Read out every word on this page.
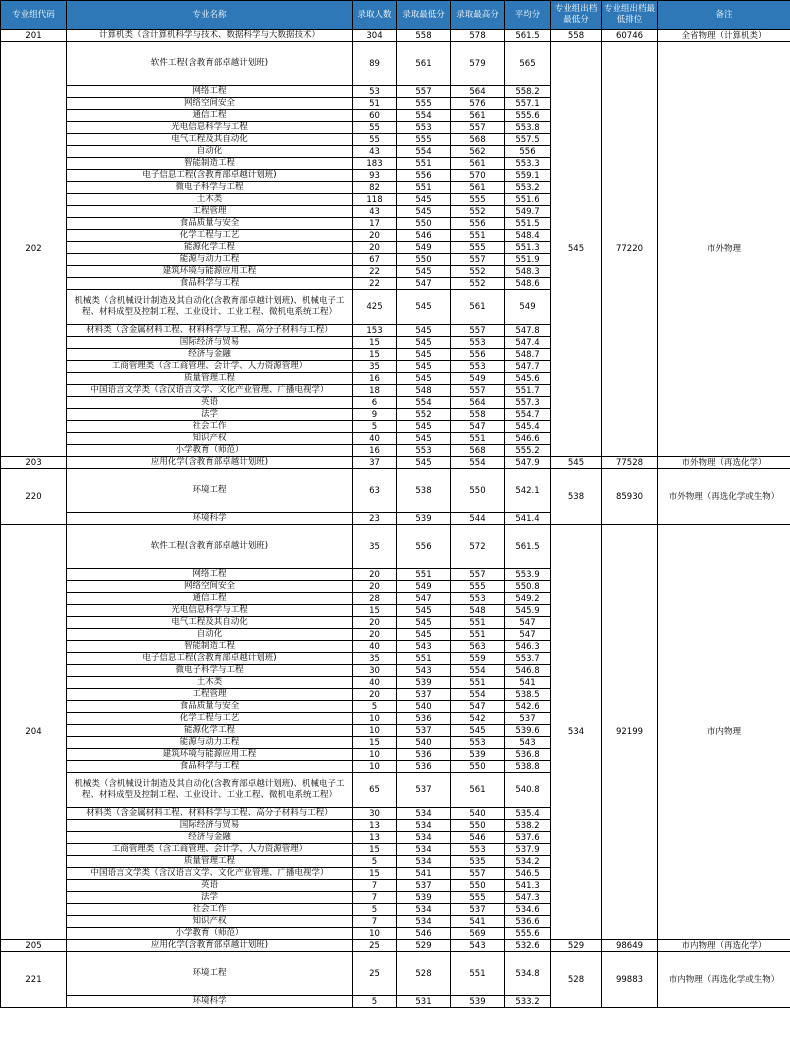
专业组代码	专业名称	录取人数	录取最低分	录取最高分	平均分	专业组出档最低分	专业组出档最低排位	备注
201	计算机类（含计算机科学与技术、数据科学与大数据技术）	304	558	578	561.5	558	60746	全省物理（计算机类）
202	软件工程(含教育部卓越计划班)	89	561	579	565	545	77220	市外物理
	网络工程	53	557	564	558.2			
	网络空间安全	51	555	576	557.1			
	通信工程	60	554	561	555.6			
	光电信息科学与工程	55	553	557	553.8			
	电气工程及其自动化	55	555	568	557.5			
	自动化	43	554	562	556			
	智能制造工程	183	551	561	553.3			
	电子信息工程(含教育部卓越计划班)	93	556	570	559.1			
	微电子科学与工程	82	551	561	553.2			
	土木类	118	545	555	551.6			
	工程管理	43	545	552	549.7			
	食品质量与安全	17	550	556	551.5			
	化学工程与工艺	20	546	551	548.4			
	能源化学工程	20	549	555	551.3			
	能源与动力工程	67	550	557	551.9			
	建筑环境与能源应用工程	22	545	552	548.3			
	食品科学与工程	22	547	552	548.6			
	机械类（含机械设计制造及其自动化(含教育部卓越计划班)、机械电子工程、材料成型及控制工程、工业设计、工业工程、微机电系统工程）	425	545	561	549			
	材料类（含金属材料工程、材料科学与工程、高分子材料与工程）	153	545	557	547.8			
	国际经济与贸易	15	545	553	547.4			
	经济与金融	15	545	556	548.7			
	工商管理类（含工商管理、会计学、人力资源管理）	35	545	553	547.7			
	质量管理工程	16	545	549	545.6			
	中国语言文学类（含汉语言文学、文化产业管理、广播电视学）	18	548	557	551.7			
	英语	6	554	564	557.3			
	法学	9	552	558	554.7			
	社会工作	5	545	547	545.4			
	知识产权	40	545	551	546.6			
	小学教育（师范）	16	553	568	555.2			
203	应用化学(含教育部卓越计划班)	37	545	554	547.9	545	77528	市外物理（再选化学）
220	环境工程	63	538	550	542.1	538	85930	市外物理（再选化学或生物）
	环境科学	23	539	544	541.4			
204	软件工程(含教育部卓越计划班)	35	556	572	561.5	534	92199	市内物理
	网络工程	20	551	557	553.9			
	网络空间安全	20	549	555	550.8			
	通信工程	28	547	553	549.2			
	光电信息科学与工程	15	545	548	545.9			
	电气工程及其自动化	20	545	551	547			
	自动化	20	545	551	547			
	智能制造工程	40	543	563	546.3			
	电子信息工程(含教育部卓越计划班)	35	551	559	553.7			
	微电子科学与工程	30	543	554	546.8			
	土木类	40	539	551	541			
	工程管理	20	537	554	538.5			
	食品质量与安全	5	540	547	542.6			
	化学工程与工艺	10	536	542	537			
	能源化学工程	10	537	545	539.6			
	能源与动力工程	15	540	553	543			
	建筑环境与能源应用工程	10	536	539	536.8			
	食品科学与工程	10	536	550	538.8			
	机械类（含机械设计制造及其自动化(含教育部卓越计划班)、机械电子工程、材料成型及控制工程、工业设计、工业工程、微机电系统工程）	65	537	561	540.8			
	材料类（含金属材料工程、材料科学与工程、高分子材料与工程）	30	534	540	535.4			
	国际经济与贸易	13	534	550	538.2			
	经济与金融	13	534	546	537.6			
	工商管理类（含工商管理、会计学、人力资源管理）	15	534	553	537.9			
	质量管理工程	5	534	535	534.2			
	中国语言文学类（含汉语言文学、文化产业管理、广播电视学）	15	541	557	546.5			
	英语	7	537	550	541.3			
	法学	7	539	555	547.3			
	社会工作	5	534	537	534.6			
	知识产权	7	534	541	536.6			
	小学教育（师范）	10	546	569	555.6			
205	应用化学(含教育部卓越计划班)	25	529	543	532.6	529	98649	市内物理（再选化学）
221	环境工程	25	528	551	534.8	528	99883	市内物理（再选化学或生物）
	环境科学	5	531	539	533.2			
